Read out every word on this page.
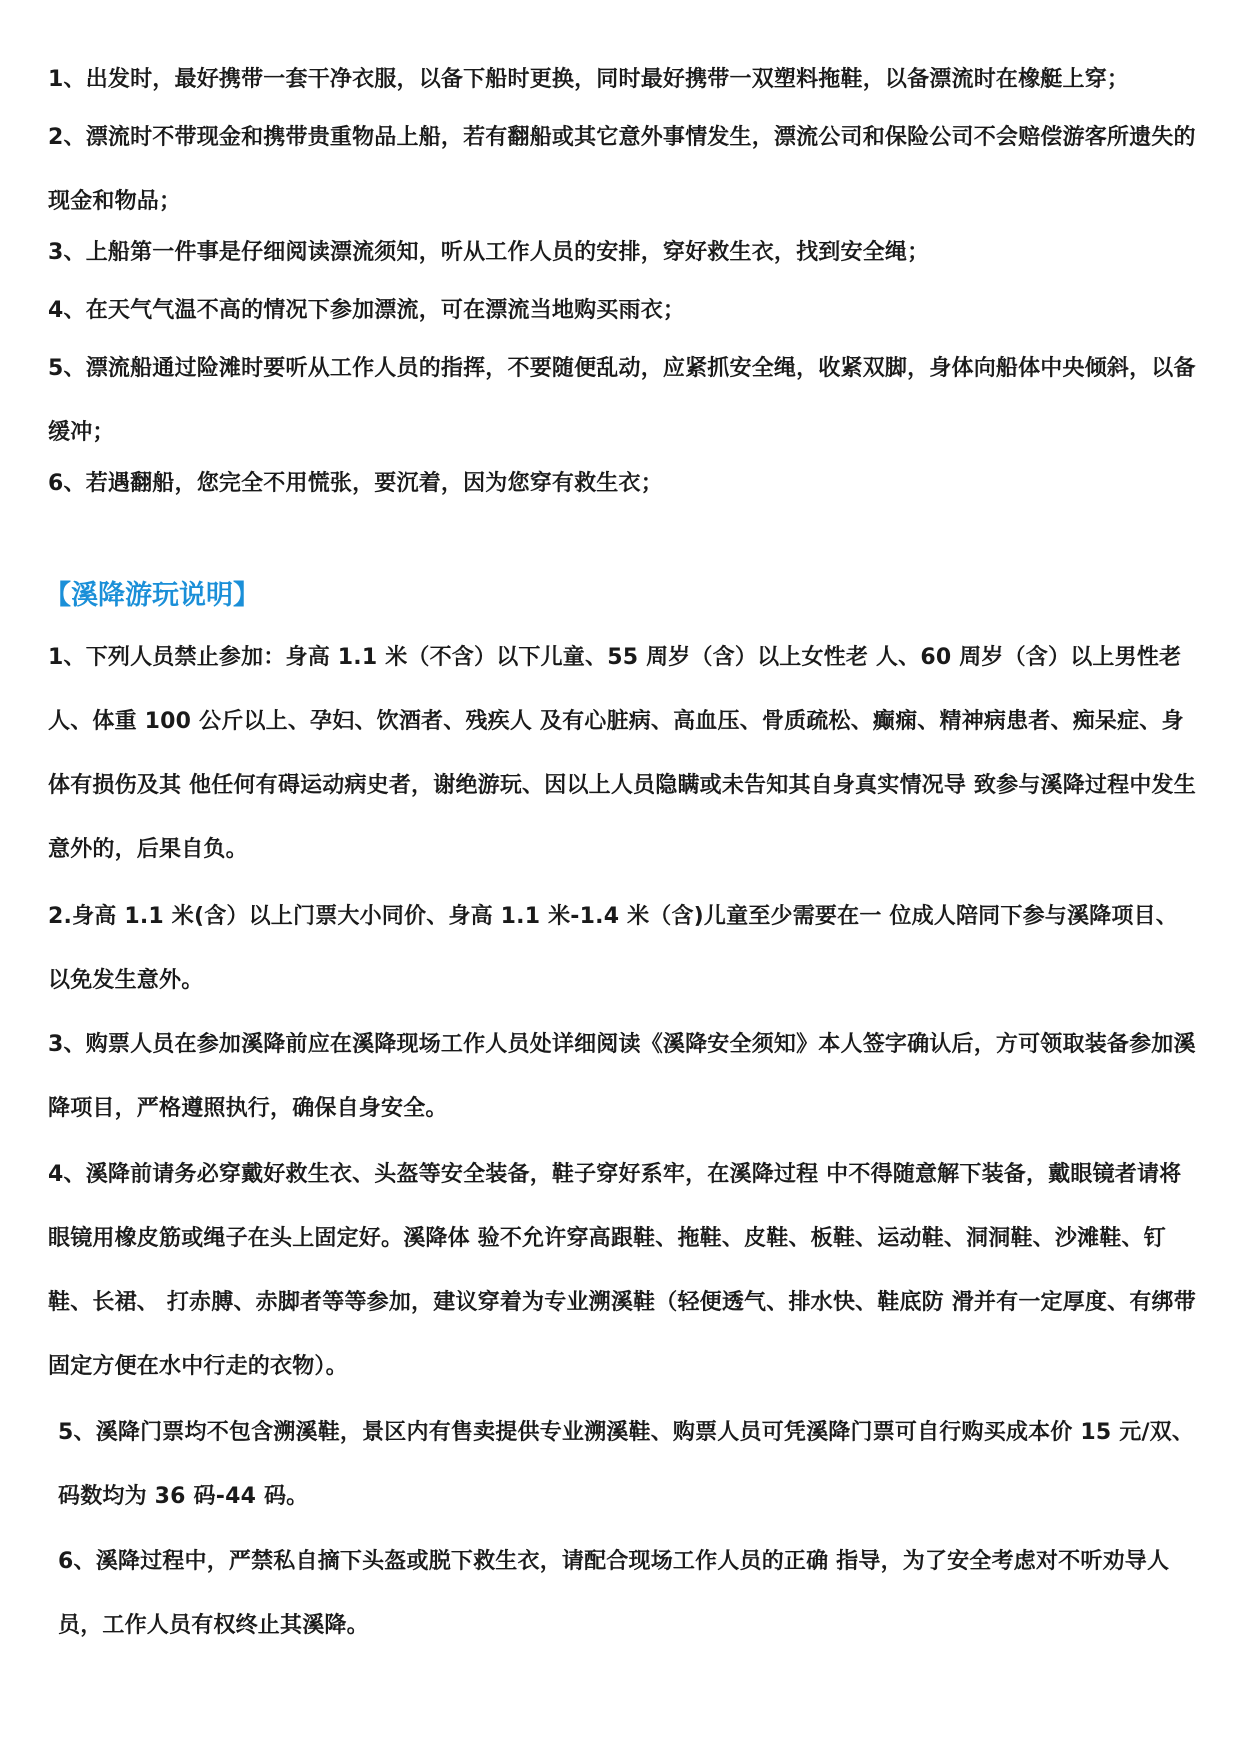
1、出发时，最好携带一套干净衣服，以备下船时更换，同时最好携带一双塑料拖鞋，以备漂流时在橡艇上穿；

2、漂流时不带现金和携带贵重物品上船，若有翻船或其它意外事情发生，漂流公司和保险公司不会赔偿游客所遗失的现金和物品；

3、上船第一件事是仔细阅读漂流须知，听从工作人员的安排，穿好救生衣，找到安全绳；

4、在天气气温不高的情况下参加漂流，可在漂流当地购买雨衣；

5、漂流船通过险滩时要听从工作人员的指挥，不要随便乱动，应紧抓安全绳，收紧双脚，身体向船体中央倾斜，以备缓冲；

6、若遇翻船，您完全不用慌张，要沉着，因为您穿有救生衣；

【溪降游玩说明】

1、下列人员禁止参加：身高 1.1 米（不含）以下儿童、55 周岁（含）以上女性老 人、60 周岁（含）以上男性老人、体重 100 公斤以上、孕妇、饮酒者、残疾人 及有心脏病、高血压、骨质疏松、癫痫、精神病患者、痴呆症、身体有损伤及其 他任何有碍运动病史者，谢绝游玩、因以上人员隐瞒或未告知其自身真实情况导 致参与溪降过程中发生意外的，后果自负。

2.身高 1.1 米(含）以上门票大小同价、身高 1.1 米-1.4 米（含)儿童至少需要在一 位成人陪同下参与溪降项目、以免发生意外。

3、购票人员在参加溪降前应在溪降现场工作人员处详细阅读《溪降安全须知》本人签字确认后，方可领取装备参加溪降项目，严格遵照执行，确保自身安全。

4、溪降前请务必穿戴好救生衣、头盔等安全装备，鞋子穿好系牢，在溪降过程 中不得随意解下装备，戴眼镜者请将眼镜用橡皮筋或绳子在头上固定好。溪降体 验不允许穿高跟鞋、拖鞋、皮鞋、板鞋、运动鞋、洞洞鞋、沙滩鞋、钉鞋、长裙、 打赤膊、赤脚者等等参加，建议穿着为专业溯溪鞋（轻便透气、排水快、鞋底防 滑并有一定厚度、有绑带固定方便在水中行走的衣物）。

5、溪降门票均不包含溯溪鞋，景区内有售卖提供专业溯溪鞋、购票人员可凭溪降门票可自行购买成本价 15 元/双、码数均为 36 码-44 码。

6、溪降过程中，严禁私自摘下头盔或脱下救生衣，请配合现场工作人员的正确 指导，为了安全考虑对不听劝导人员，工作人员有权终止其溪降。
